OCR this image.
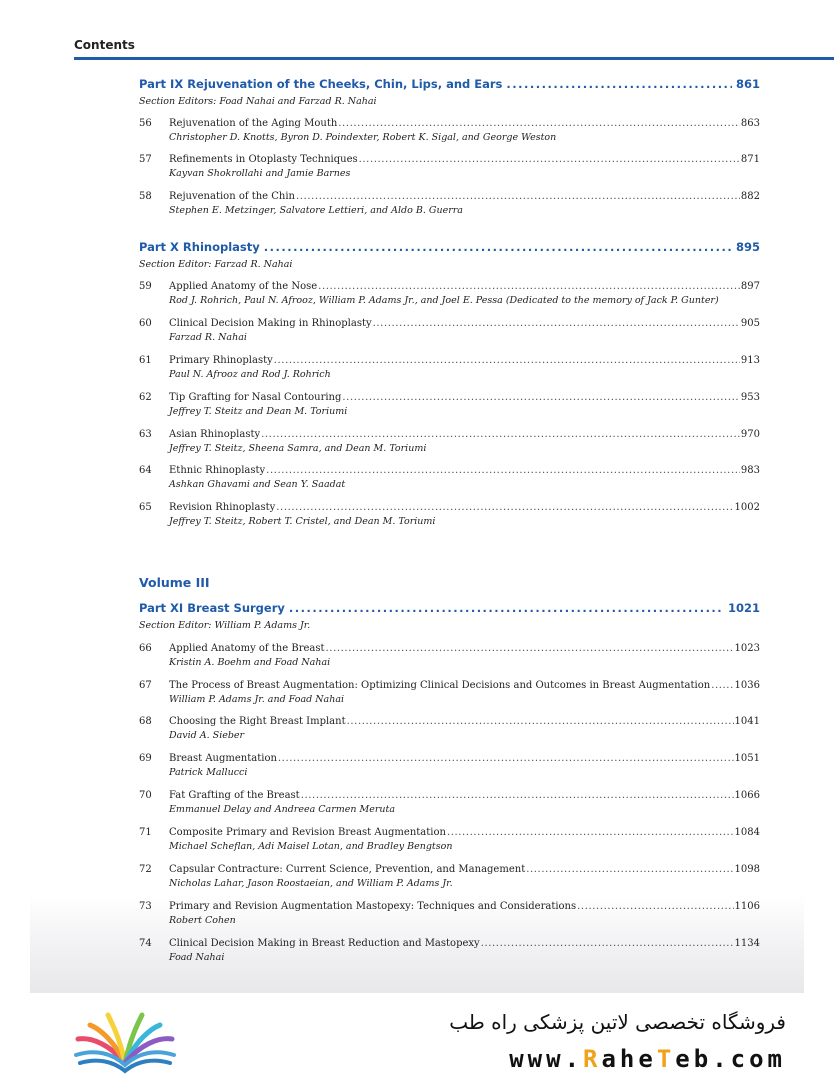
Contents
Part IX Rejuvenation of the Cheeks, Chin, Lips, and Ears .....	861
Section Editors: Foad Nahai and Farzad R. Nahai
56	Rejuvenation of the Aging Mouth .....	863
Christopher D. Knotts, Byron D. Poindexter, Robert K. Sigal, and George Weston
57	Refinements in Otoplasty Techniques .....	871
Kayvan Shokrollahi and Jamie Barnes
58	Rejuvenation of the Chin .....	882
Stephen E. Metzinger, Salvatore Lettieri, and Aldo B. Guerra
Part X Rhinoplasty .....	895
Section Editor: Farzad R. Nahai
59	Applied Anatomy of the Nose .....	897
Rod J. Rohrich, Paul N. Afrooz, William P. Adams Jr., and Joel E. Pessa (Dedicated to the memory of Jack P. Gunter)
60	Clinical Decision Making in Rhinoplasty .....	905
Farzad R. Nahai
61	Primary Rhinoplasty .....	913
Paul N. Afrooz and Rod J. Rohrich
62	Tip Grafting for Nasal Contouring .....	953
Jeffrey T. Steitz and Dean M. Toriumi
63	Asian Rhinoplasty .....	970
Jeffrey T. Steitz, Sheena Samra, and Dean M. Toriumi
64	Ethnic Rhinoplasty .....	983
Ashkan Ghavami and Sean Y. Saadat
65	Revision Rhinoplasty .....	1002
Jeffrey T. Steitz, Robert T. Cristel, and Dean M. Toriumi
Volume III
Part XI Breast Surgery .....	1021
Section Editor: William P. Adams Jr.
66	Applied Anatomy of the Breast .....	1023
Kristin A. Boehm and Foad Nahai
67	The Process of Breast Augmentation: Optimizing Clinical Decisions and Outcomes in Breast Augmentation ..... 1036
William P. Adams Jr. and Foad Nahai
68	Choosing the Right Breast Implant .....	1041
David A. Sieber
69	Breast Augmentation .....	1051
Patrick Mallucci
70	Fat Grafting of the Breast .....	1066
Emmanuel Delay and Andreea Carmen Meruta
71	Composite Primary and Revision Breast Augmentation .....	1084
Michael Scheflan, Adi Maisel Lotan, and Bradley Bengtson
72	Capsular Contracture: Current Science, Prevention, and Management .....	1098
Nicholas Lahar, Jason Roostaeian, and William P. Adams Jr.
73	Primary and Revision Augmentation Mastopexy: Techniques and Considerations .....	1106
Robert Cohen
74	Clinical Decision Making in Breast Reduction and Mastopexy .....	1134
Foad Nahai
فروشگاه تخصصی لاتین پزشکی راه طب
www.RaheTeb.com
